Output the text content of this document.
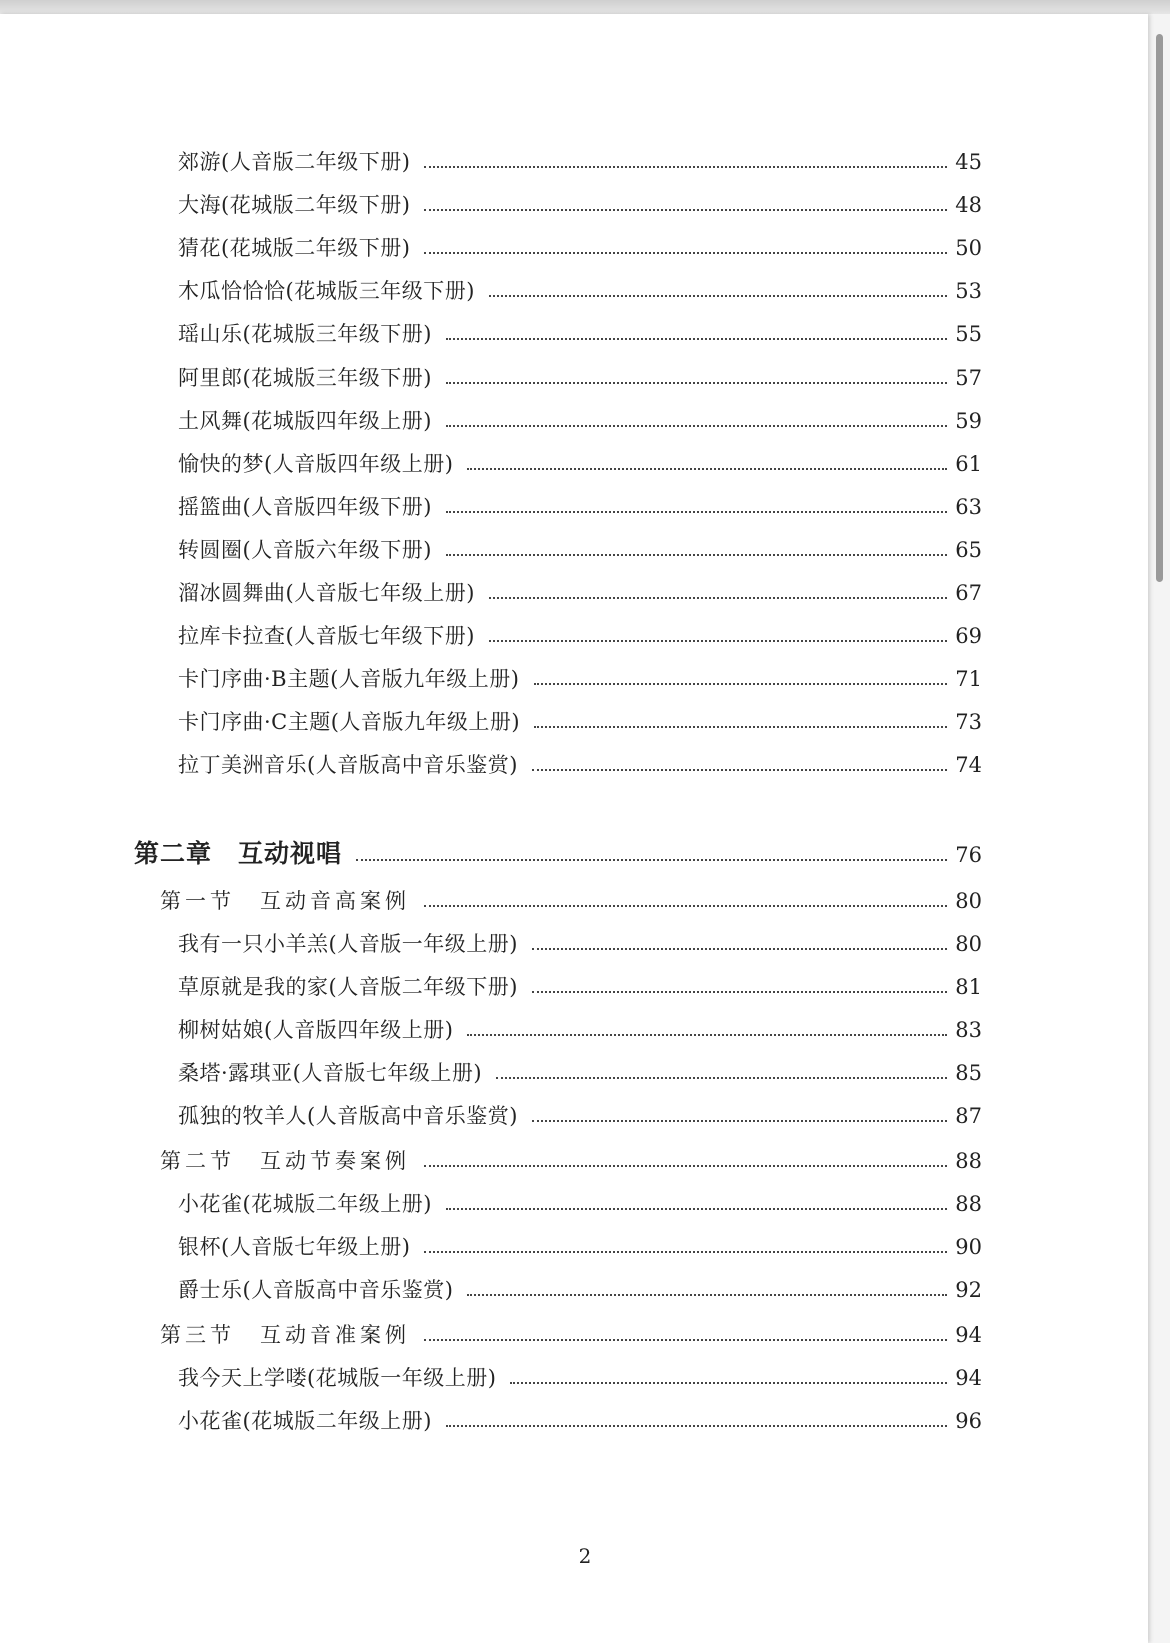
郊游(人音版二年级下册)	45
大海(花城版二年级下册)	48
猜花(花城版二年级下册)	50
木瓜恰恰恰(花城版三年级下册)	53
瑶山乐(花城版三年级下册)	55
阿里郎(花城版三年级下册)	57
土风舞(花城版四年级上册)	59
愉快的梦(人音版四年级上册)	61
摇篮曲(人音版四年级下册)	63
转圆圈(人音版六年级下册)	65
溜冰圆舞曲(人音版七年级上册)	67
拉库卡拉查(人音版七年级下册)	69
卡门序曲·B主题(人音版九年级上册)	71
卡门序曲·C主题(人音版九年级上册)	73
拉丁美洲音乐(人音版高中音乐鉴赏)	74
第二章　互动视唱	76
第一节　互动音高案例	80
我有一只小羊羔(人音版一年级上册)	80
草原就是我的家(人音版二年级下册)	81
柳树姑娘(人音版四年级上册)	83
桑塔·露琪亚(人音版七年级上册)	85
孤独的牧羊人(人音版高中音乐鉴赏)	87
第二节　互动节奏案例	88
小花雀(花城版二年级上册)	88
银杯(人音版七年级上册)	90
爵士乐(人音版高中音乐鉴赏)	92
第三节　互动音准案例	94
我今天上学喽(花城版一年级上册)	94
小花雀(花城版二年级上册)	96
2
